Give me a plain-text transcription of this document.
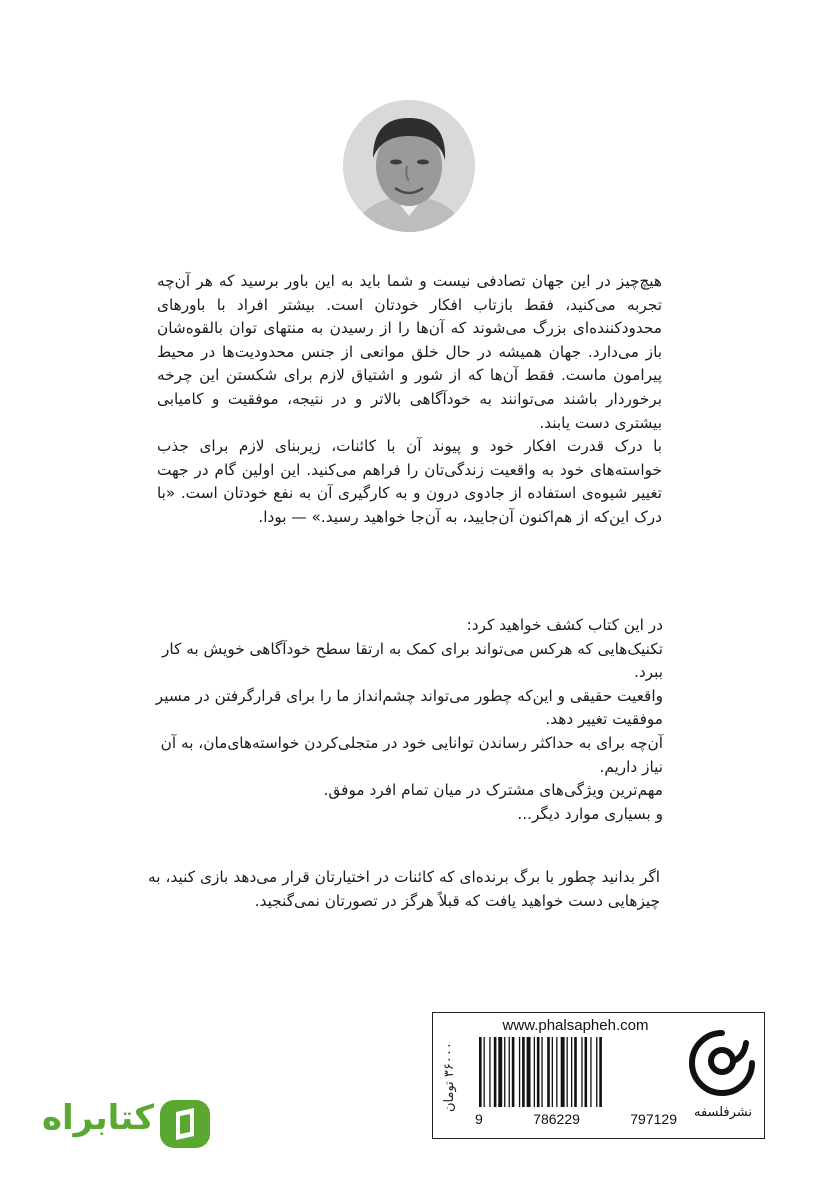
هیچ‌چیز در این جهان تصادفی نیست و شما باید به این باور برسید که هر آن‌چه تجربه می‌کنید، فقط بازتاب افکار خودتان است. بیشتر افراد با باورهای محدودکننده‌ای بزرگ می‌شوند که آن‌ها را از رسیدن به منتهای توان بالقوه‌شان باز می‌دارد. جهان همیشه در حال خلق موانعی از جنس محدودیت‌ها در محیط پیرامون ماست. فقط آن‌ها که از شور و اشتیاق لازم برای شکستن این چرخه برخوردار باشند می‌توانند به خودآگاهی بالاتر و در نتیجه، موفقیت و کامیابی بیشتری دست یابند.

با درک قدرت افکار خود و پیوند آن با کائنات، زیربنای لازم برای جذب خواسته‌های خود به واقعیت زندگی‌تان را فراهم می‌کنید. این اولین گام در جهت تغییر شیوه‌ی استفاده از جادوی درون و به کارگیری آن به نفع خودتان است. «با درک این‌که از هم‌اکنون آن‌جایید، به آن‌جا خواهید رسید.» — بودا.

در این کتاب کشف خواهید کرد:

تکنیک‌هایی که هرکس می‌تواند برای کمک به ارتقا سطح خودآگاهی خویش به کار ببرد.

واقعیت حقیقی و این‌که چطور می‌تواند چشم‌انداز ما را برای قرارگرفتن در مسیر موفقیت تغییر دهد.

آن‌چه برای به حداکثر رساندن توانایی خود در متجلی‌کردن خواسته‌های‌مان، به آن نیاز داریم.

مهم‌ترین ویژگی‌های مشترک در میان تمام افرد موفق.

و بسیاری موارد دیگر...

اگر بدانید چطور با برگ برنده‌ای که کائنات در اختیارتان قرار می‌دهد بازی کنید، به چیزهایی دست خواهید یافت که قبلاً هرگز در تصورتان نمی‌گنجید.

۳۶۰۰۰ تومان
www.phalsapheh.com
9	786229	797129	نشرفلسفه
کتابراه
